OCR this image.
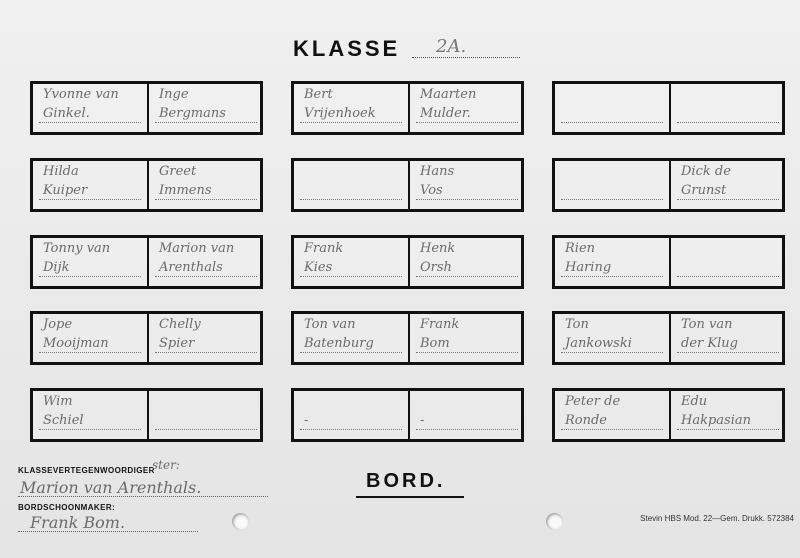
KLASSE 2A.
Yvonne van
Ginkel.
Inge
Bergmans
Hilda
Kuiper
Greet
Immens
Tonny van
Dijk
Marion van
Arenthals
Jope
Mooijman
Chelly
Spier
Wim
Schiel
Bert
Vrijenhoek
Maarten
Mulder.
Hans
Vos
Frank
Kies
Henk
Orsh
Ton van
Batenburg
Frank
Bom
-	-
Dick de
Grunst
Rien
Haring
Ton
Jankowski
Ton van
der Klug
Peter de
Ronde
Edu
Hakpasian
BORD.
KLASSEVERTEGENWOORDIGER
ster:
Marion van Arenthals.
BORDSCHOONMAKER:
Frank Bom.	Stevin HBS Mod. 22—Gem. Drukk. 572384
